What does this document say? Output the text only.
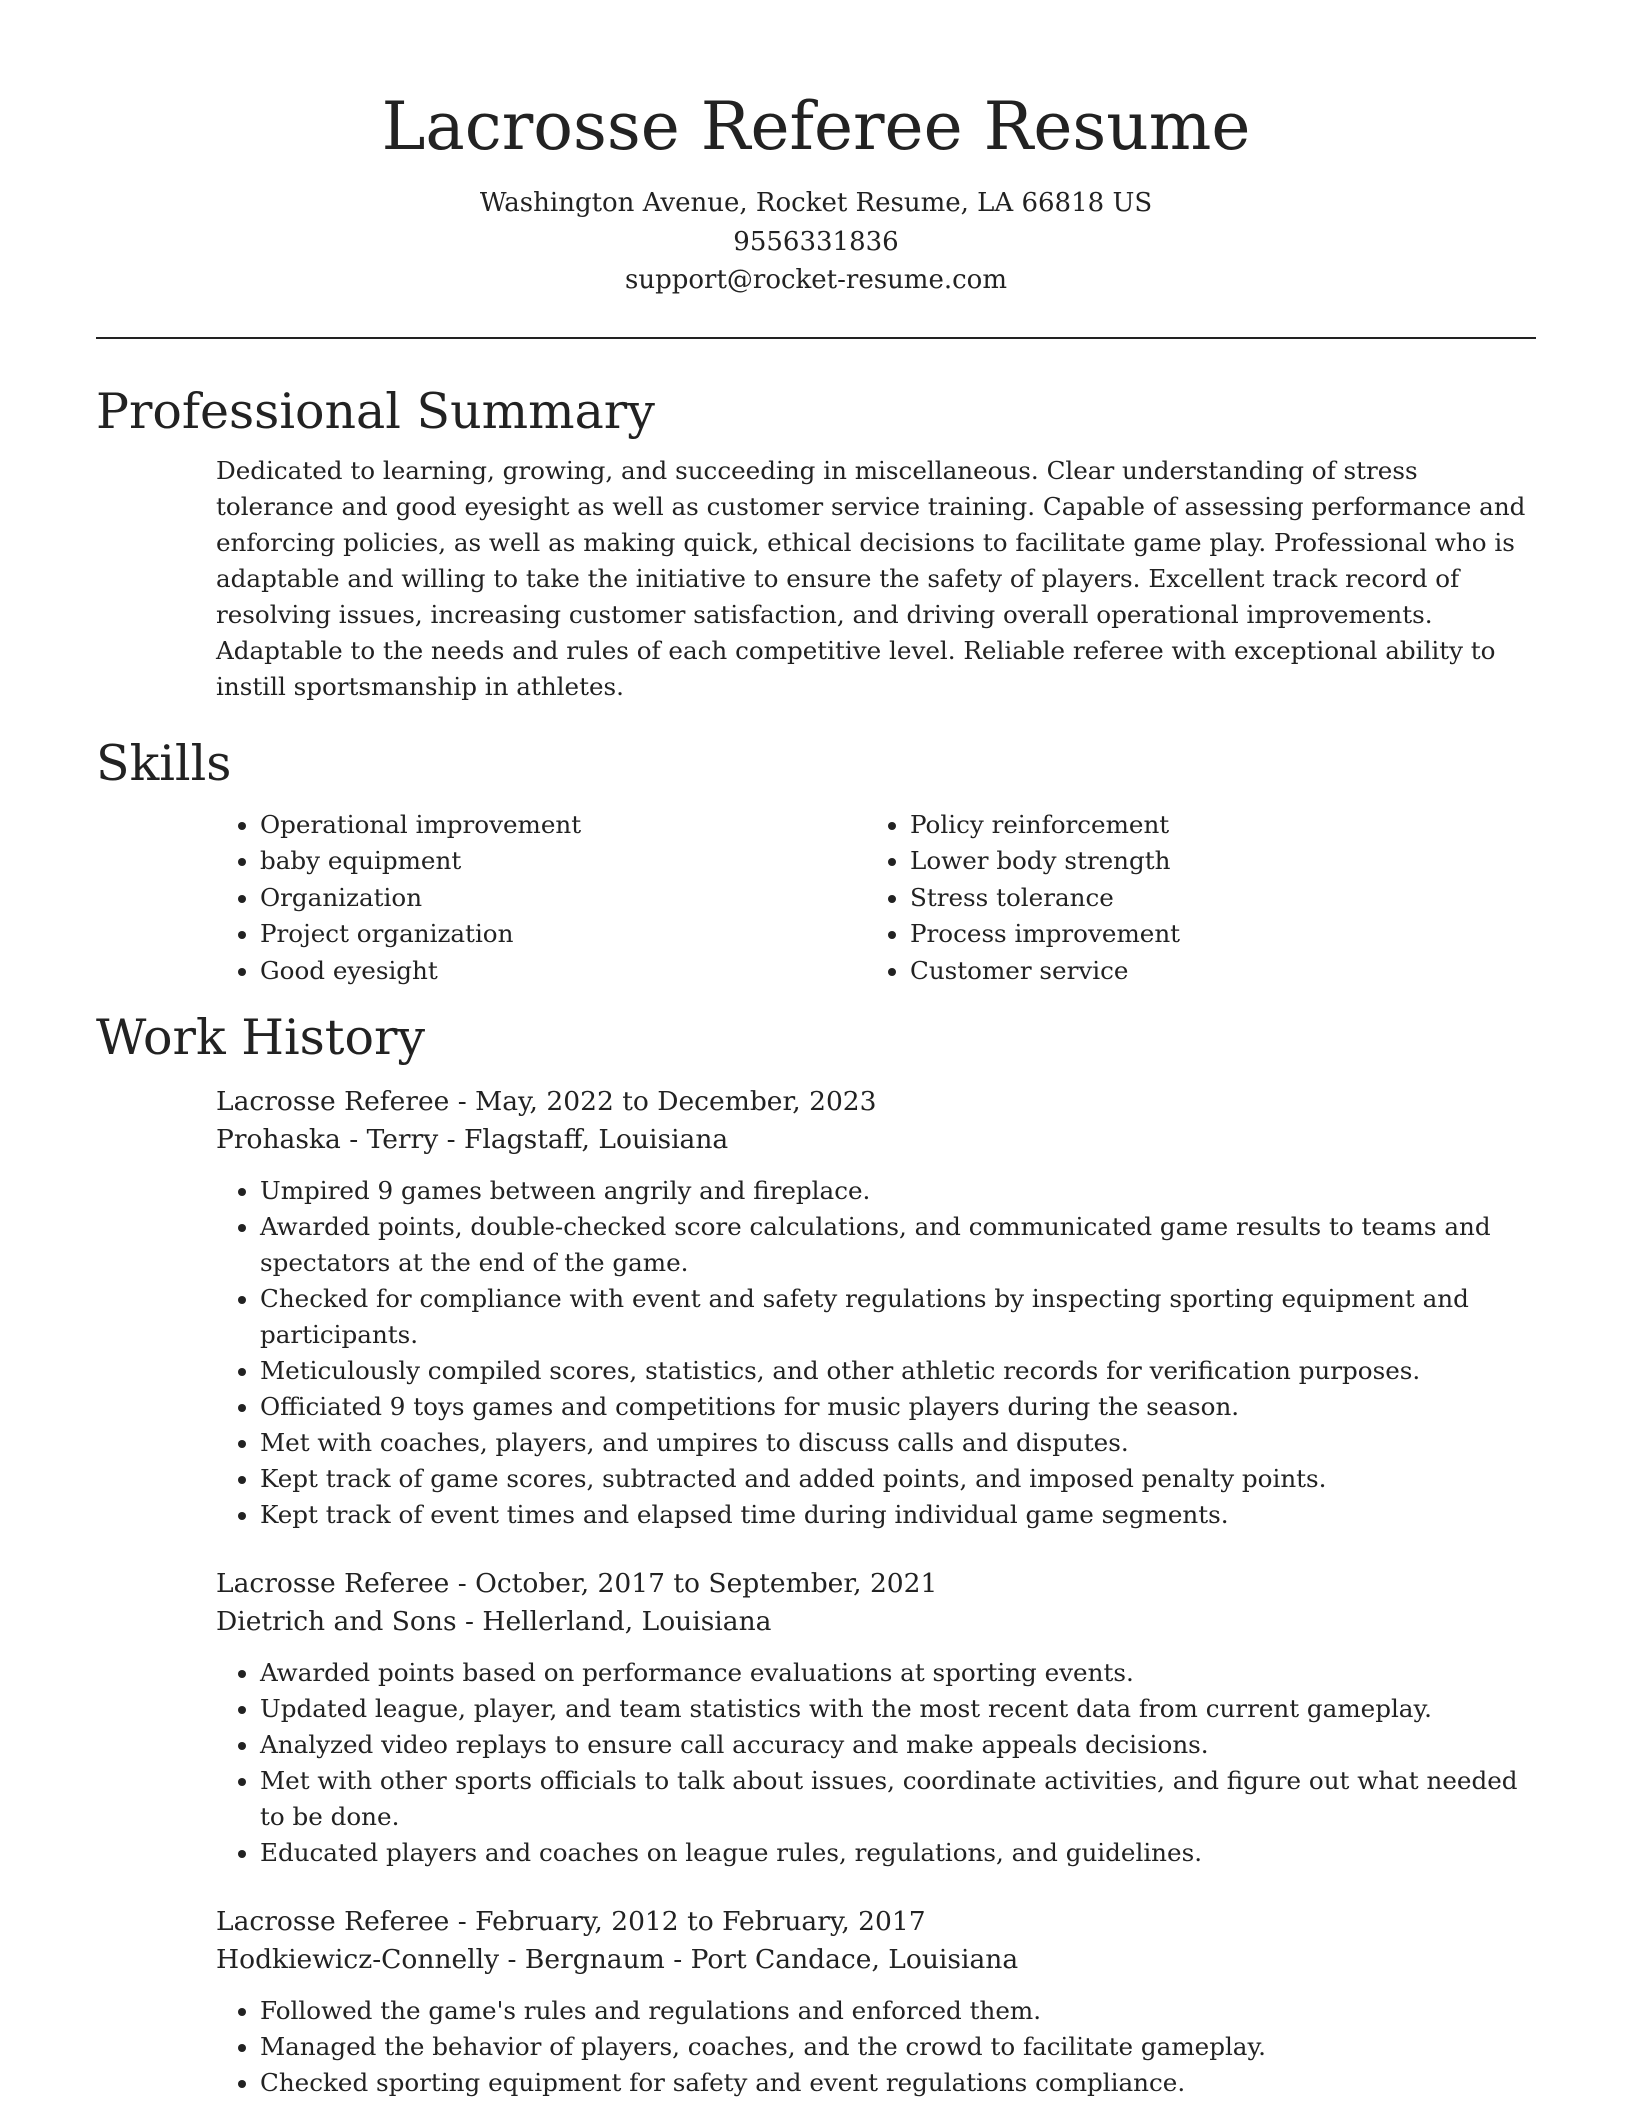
Lacrosse Referee Resume
Washington Avenue, Rocket Resume, LA 66818 US
9556331836
support@rocket-resume.com
Professional Summary

Dedicated to learning, growing, and succeeding in miscellaneous. Clear understanding of stress tolerance and good eyesight as well as customer service training. Capable of assessing performance and enforcing policies, as well as making quick, ethical decisions to facilitate game play. Professional who is adaptable and willing to take the initiative to ensure the safety of players. Excellent track record of resolving issues, increasing customer satisfaction, and driving overall operational improvements. Adaptable to the needs and rules of each competitive level. Reliable referee with exceptional ability to instill sportsmanship in athletes.

Skills
• Operational improvement
• baby equipment
• Organization
• Project organization
• Good eyesight
• Policy reinforcement
• Lower body strength
• Stress tolerance
• Process improvement
• Customer service
Work History
Lacrosse Referee - May, 2022 to December, 2023
Prohaska - Terry - Flagstaff, Louisiana
• Umpired 9 games between angrily and fireplace.
• Awarded points, double-checked score calculations, and communicated game results to teams and spectators at the end of the game.
• Checked for compliance with event and safety regulations by inspecting sporting equipment and participants.
• Meticulously compiled scores, statistics, and other athletic records for verification purposes.
• Officiated 9 toys games and competitions for music players during the season.
• Met with coaches, players, and umpires to discuss calls and disputes.
• Kept track of game scores, subtracted and added points, and imposed penalty points.
• Kept track of event times and elapsed time during individual game segments.
Lacrosse Referee - October, 2017 to September, 2021
Dietrich and Sons - Hellerland, Louisiana
• Awarded points based on performance evaluations at sporting events.
• Updated league, player, and team statistics with the most recent data from current gameplay.
• Analyzed video replays to ensure call accuracy and make appeals decisions.
• Met with other sports officials to talk about issues, coordinate activities, and figure out what needed to be done.
• Educated players and coaches on league rules, regulations, and guidelines.
Lacrosse Referee - February, 2012 to February, 2017
Hodkiewicz-Connelly - Bergnaum - Port Candace, Louisiana
• Followed the game's rules and regulations and enforced them.
• Managed the behavior of players, coaches, and the crowd to facilitate gameplay.
• Checked sporting equipment for safety and event regulations compliance.
